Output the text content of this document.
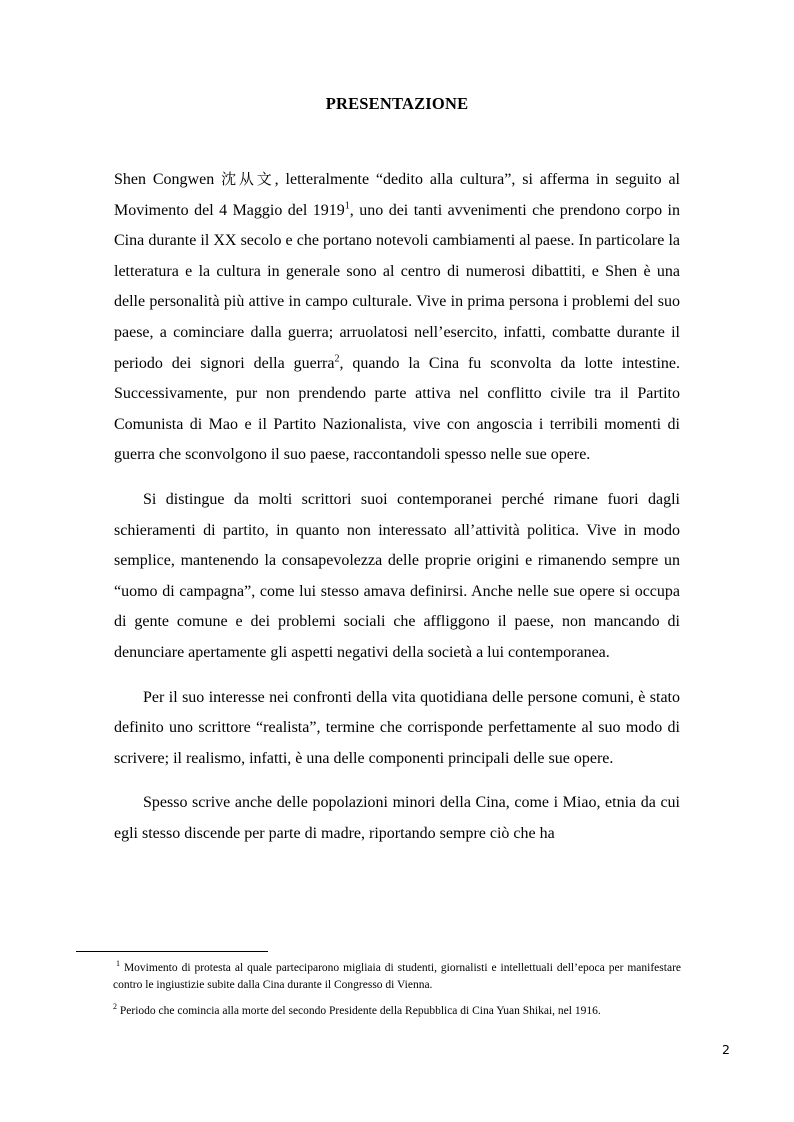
PRESENTAZIONE

Shen Congwen 沈从文, letteralmente “dedito alla cultura”, si afferma in seguito al Movimento del 4 Maggio del 1919$^1$, uno dei tanti avvenimenti che prendono corpo in Cina durante il XX secolo e che portano notevoli cambiamenti al paese. In particolare la letteratura e la cultura in generale sono al centro di numerosi dibattiti, e Shen è una delle personalità più attive in campo culturale. Vive in prima persona i problemi del suo paese, a cominciare dalla guerra; arruolatosi nell’esercito, infatti, combatte durante il periodo dei signori della guerra$^2$, quando la Cina fu sconvolta da lotte intestine. Successivamente, pur non prendendo parte attiva nel conflitto civile tra il Partito Comunista di Mao e il Partito Nazionalista, vive con angoscia i terribili momenti di guerra che sconvolgono il suo paese, raccontandoli spesso nelle sue opere.

Si distingue da molti scrittori suoi contemporanei perché rimane fuori dagli schieramenti di partito, in quanto non interessato all’attività politica. Vive in modo semplice, mantenendo la consapevolezza delle proprie origini e rimanendo sempre un “uomo di campagna”, come lui stesso amava definirsi. Anche nelle sue opere si occupa di gente comune e dei problemi sociali che affliggono il paese, non mancando di denunciare apertamente gli aspetti negativi della società a lui contemporanea.

Per il suo interesse nei confronti della vita quotidiana delle persone comuni, è stato definito uno scrittore “realista”, termine che corrisponde perfettamente al suo modo di scrivere; il realismo, infatti, è una delle componenti principali delle sue opere.

Spesso scrive anche delle popolazioni minori della Cina, come i Miao, etnia da cui egli stesso discende per parte di madre, riportando sempre ciò che ha

$^1$ Movimento di protesta al quale parteciparono migliaia di studenti, giornalisti e intellettuali dell’epoca per manifestare contro le ingiustizie subite dalla Cina durante il Congresso di Vienna.

$^2$ Periodo che comincia alla morte del secondo Presidente della Repubblica di Cina Yuan Shikai, nel 1916.

2
